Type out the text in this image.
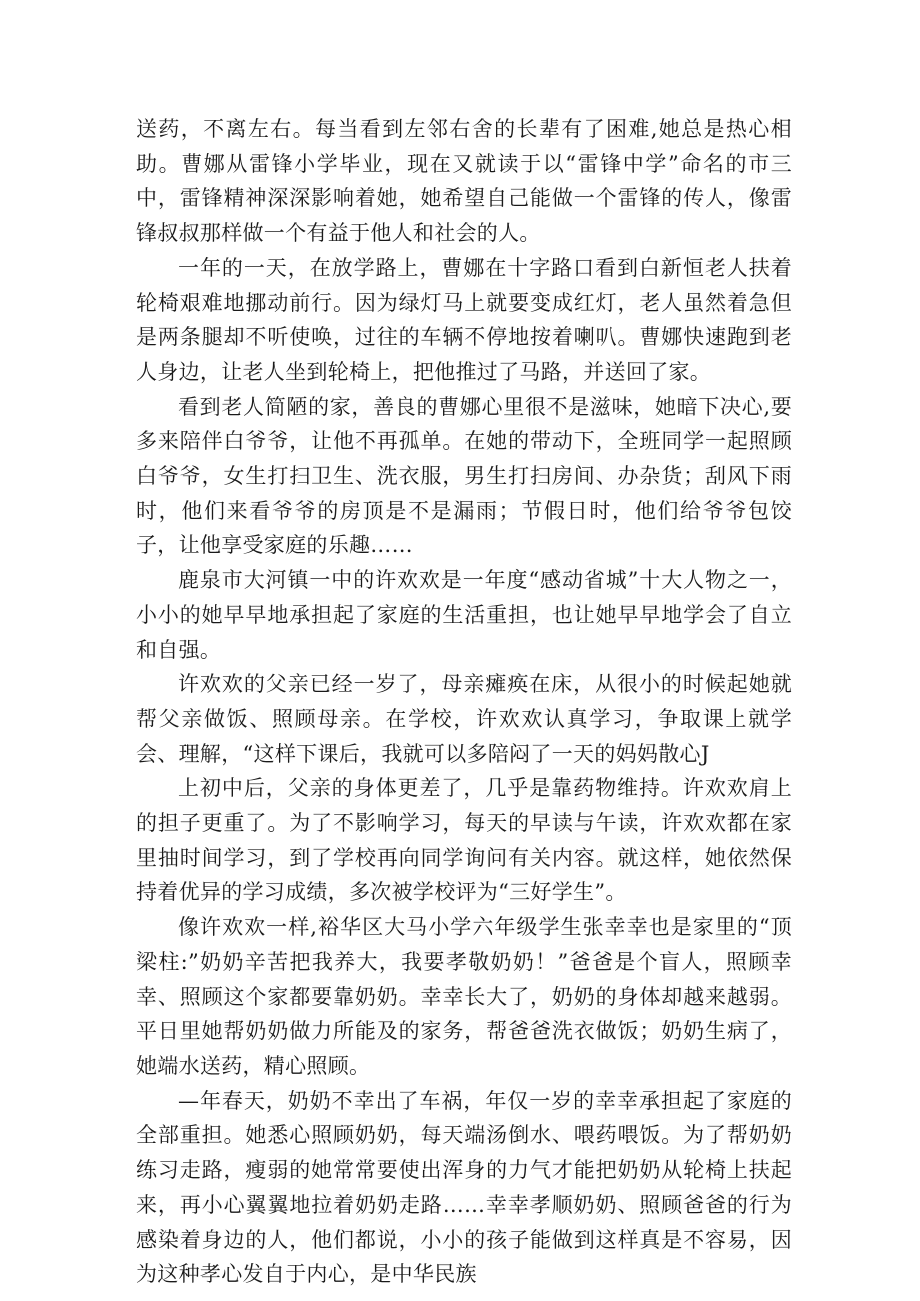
送药，不离左右。每当看到左邻右舍的长辈有了困难,她总是热心相助。曹娜从雷锋小学毕业，现在又就读于以“雷锋中学”命名的市三中，雷锋精神深深影响着她，她希望自己能做一个雷锋的传人，像雷锋叔叔那样做一个有益于他人和社会的人。

一年的一天，在放学路上，曹娜在十字路口看到白新恒老人扶着轮椅艰难地挪动前行。因为绿灯马上就要变成红灯，老人虽然着急但是两条腿却不听使唤，过往的车辆不停地按着喇叭。曹娜快速跑到老人身边，让老人坐到轮椅上，把他推过了马路，并送回了家。

看到老人简陋的家，善良的曹娜心里很不是滋味，她暗下决心,要多来陪伴白爷爷，让他不再孤单。在她的带动下，全班同学一起照顾白爷爷，女生打扫卫生、洗衣服，男生打扫房间、办杂货；刮风下雨时，他们来看爷爷的房顶是不是漏雨；节假日时，他们给爷爷包饺子，让他享受家庭的乐趣……

鹿泉市大河镇一中的许欢欢是一年度“感动省城”十大人物之一，小小的她早早地承担起了家庭的生活重担，也让她早早地学会了自立和自强。

许欢欢的父亲已经一岁了，母亲瘫痪在床，从很小的时候起她就帮父亲做饭、照顾母亲。在学校，许欢欢认真学习，争取课上就学会、理解，“这样下课后，我就可以多陪闷了一天的妈妈散心J

上初中后，父亲的身体更差了，几乎是靠药物维持。许欢欢肩上的担子更重了。为了不影响学习，每天的早读与午读，许欢欢都在家里抽时间学习，到了学校再向同学询问有关内容。就这样，她依然保持着优异的学习成绩，多次被学校评为“三好学生”。

像许欢欢一样,裕华区大马小学六年级学生张幸幸也是家里的“顶梁柱:”奶奶辛苦把我养大，我要孝敬奶奶！”爸爸是个盲人，照顾幸幸、照顾这个家都要靠奶奶。幸幸长大了，奶奶的身体却越来越弱。平日里她帮奶奶做力所能及的家务，帮爸爸洗衣做饭；奶奶生病了，她端水送药，精心照顾。

—年春天，奶奶不幸出了车祸，年仅一岁的幸幸承担起了家庭的全部重担。她悉心照顾奶奶，每天端汤倒水、喂药喂饭。为了帮奶奶练习走路，瘦弱的她常常要使出浑身的力气才能把奶奶从轮椅上扶起来，再小心翼翼地拉着奶奶走路……幸幸孝顺奶奶、照顾爸爸的行为感染着身边的人，他们都说，小小的孩子能做到这样真是不容易，因为这种孝心发自于内心，是中华民族
